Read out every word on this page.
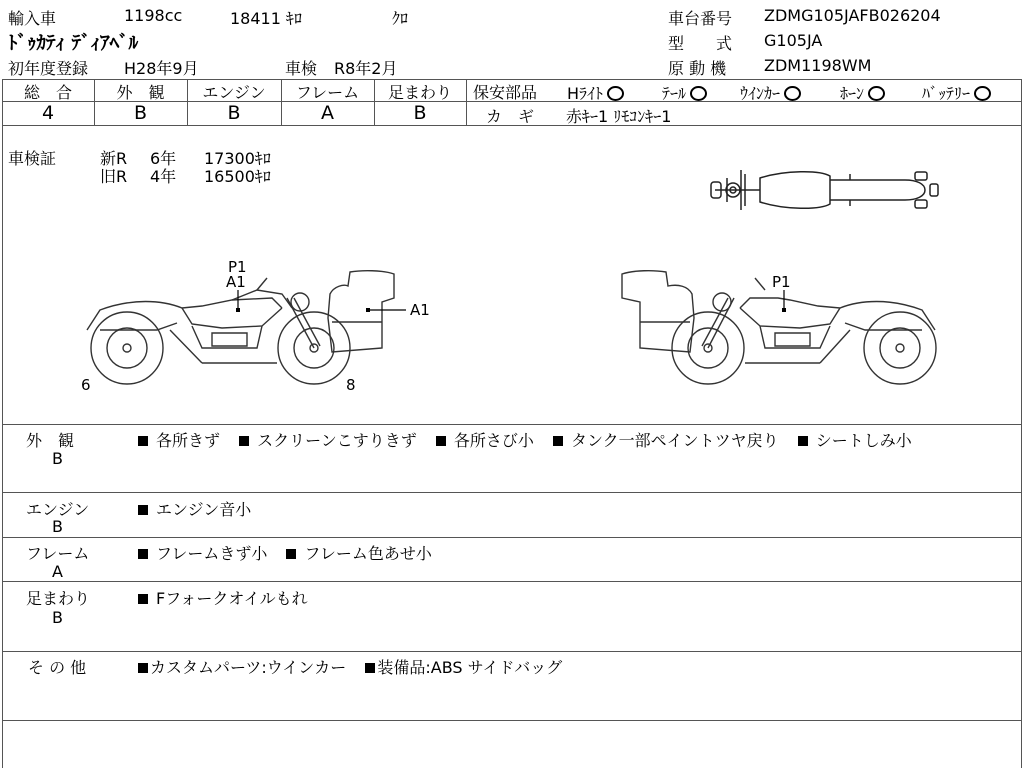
輸入車	1198cc	18411 ｷﾛ	ｸﾛ
ﾄﾞｩｶﾃｨ ﾃﾞｨｱﾍﾞﾙ
初年度登録 H28年9月	車検 R8年2月
車台番号 ZDMG105JAFB026204
型　　式 G105JA
原 動 機 ZDM1198WM
総　合	外　観	エンジン	フレーム	足まわり
4	B	B	A	B
保安部品 Hﾗｲﾄ	ﾃｰﾙ	ｳｲﾝｶｰ	ﾎｰﾝ	ﾊﾞｯﾃﾘｰ
カ　ギ 赤ｷｰ1 ﾘﾓｺﾝｷｰ1
車検証	新R 6年 17300ｷﾛ
旧R 4年 16500ｷﾛ
P1
A1
A1
6	8
P1
外　観
B
各所きず スクリーンこすりきず 各所さび小 タンク一部ペイントツヤ戻り シートしみ小
エンジン
B
エンジン音小
フレーム
A
フレームきず小 フレーム色あせ小
足まわり
B
Fフォークオイルもれ
そ の 他	カスタムパーツ:ウインカー 装備品:ABS サイドバッグ
